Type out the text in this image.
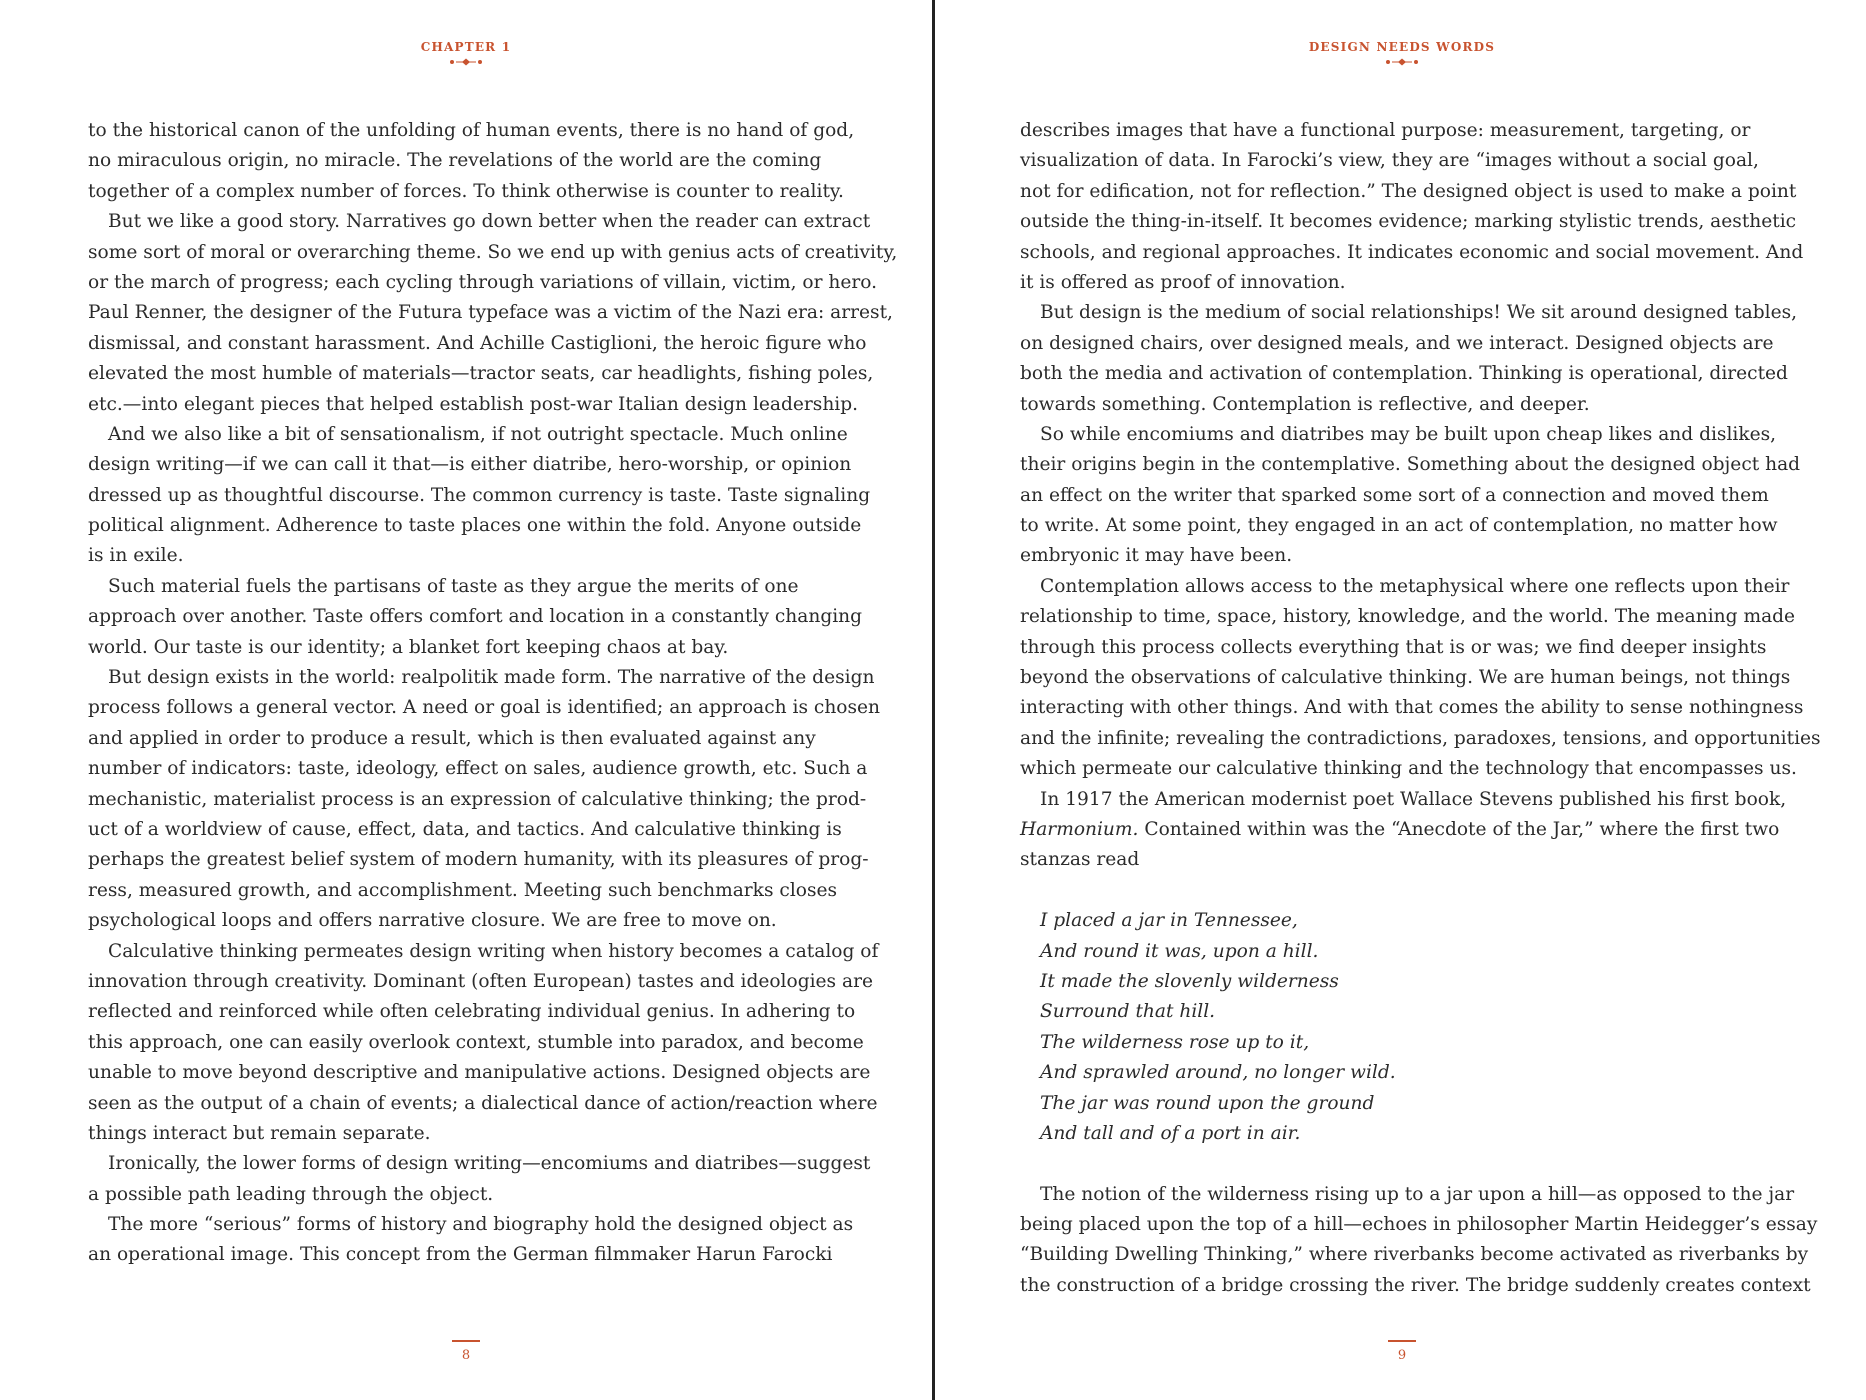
CHAPTER 1
to the historical canon of the unfolding of human events, there is no hand of god,
no miraculous origin, no miracle. The revelations of the world are the coming
together of a complex number of forces. To think otherwise is counter to reality.
But we like a good story. Narratives go down better when the reader can extract
some sort of moral or overarching theme. So we end up with genius acts of creativity,
or the march of progress; each cycling through variations of villain, victim, or hero.
Paul Renner, the designer of the Futura typeface was a victim of the Nazi era: arrest,
dismissal, and constant harassment. And Achille Castiglioni, the heroic figure who
elevated the most humble of materials—tractor seats, car headlights, fishing poles,
etc.—into elegant pieces that helped establish post-war Italian design leadership.
And we also like a bit of sensationalism, if not outright spectacle. Much online
design writing—if we can call it that—is either diatribe, hero-worship, or opinion
dressed up as thoughtful discourse. The common currency is taste. Taste signaling
political alignment. Adherence to taste places one within the fold. Anyone outside
is in exile.
Such material fuels the partisans of taste as they argue the merits of one
approach over another. Taste offers comfort and location in a constantly changing
world. Our taste is our identity; a blanket fort keeping chaos at bay.
But design exists in the world: realpolitik made form. The narrative of the design
process follows a general vector. A need or goal is identified; an approach is chosen
and applied in order to produce a result, which is then evaluated against any
number of indicators: taste, ideology, effect on sales, audience growth, etc. Such a
mechanistic, materialist process is an expression of calculative thinking; the prod-
uct of a worldview of cause, effect, data, and tactics. And calculative thinking is
perhaps the greatest belief system of modern humanity, with its pleasures of prog-
ress, measured growth, and accomplishment. Meeting such benchmarks closes
psychological loops and offers narrative closure. We are free to move on.
Calculative thinking permeates design writing when history becomes a catalog of
innovation through creativity. Dominant (often European) tastes and ideologies are
reflected and reinforced while often celebrating individual genius. In adhering to
this approach, one can easily overlook context, stumble into paradox, and become
unable to move beyond descriptive and manipulative actions. Designed objects are
seen as the output of a chain of events; a dialectical dance of action/reaction where
things interact but remain separate.
Ironically, the lower forms of design writing—encomiums and diatribes—suggest
a possible path leading through the object.
The more “serious” forms of history and biography hold the designed object as
an operational image. This concept from the German filmmaker Harun Farocki
8
DESIGN NEEDS WORDS
describes images that have a functional purpose: measurement, targeting, or
visualization of data. In Farocki’s view, they are “images without a social goal,
not for edification, not for reflection.” The designed object is used to make a point
outside the thing-in-itself. It becomes evidence; marking stylistic trends, aesthetic
schools, and regional approaches. It indicates economic and social movement. And
it is offered as proof of innovation.
But design is the medium of social relationships! We sit around designed tables,
on designed chairs, over designed meals, and we interact. Designed objects are
both the media and activation of contemplation. Thinking is operational, directed
towards something. Contemplation is reflective, and deeper.
So while encomiums and diatribes may be built upon cheap likes and dislikes,
their origins begin in the contemplative. Something about the designed object had
an effect on the writer that sparked some sort of a connection and moved them
to write. At some point, they engaged in an act of contemplation, no matter how
embryonic it may have been.
Contemplation allows access to the metaphysical where one reflects upon their
relationship to time, space, history, knowledge, and the world. The meaning made
through this process collects everything that is or was; we find deeper insights
beyond the observations of calculative thinking. We are human beings, not things
interacting with other things. And with that comes the ability to sense nothingness
and the infinite; revealing the contradictions, paradoxes, tensions, and opportunities
which permeate our calculative thinking and the technology that encompasses us.
In 1917 the American modernist poet Wallace Stevens published his first book,
Harmonium. Contained within was the “Anecdote of the Jar,” where the first two
stanzas read
I placed a jar in Tennessee,
And round it was, upon a hill.
It made the slovenly wilderness
Surround that hill.
The wilderness rose up to it,
And sprawled around, no longer wild.
The jar was round upon the ground
And tall and of a port in air.
The notion of the wilderness rising up to a jar upon a hill—as opposed to the jar
being placed upon the top of a hill—echoes in philosopher Martin Heidegger’s essay
“Building Dwelling Thinking,” where riverbanks become activated as riverbanks by
the construction of a bridge crossing the river. The bridge suddenly creates context
9
